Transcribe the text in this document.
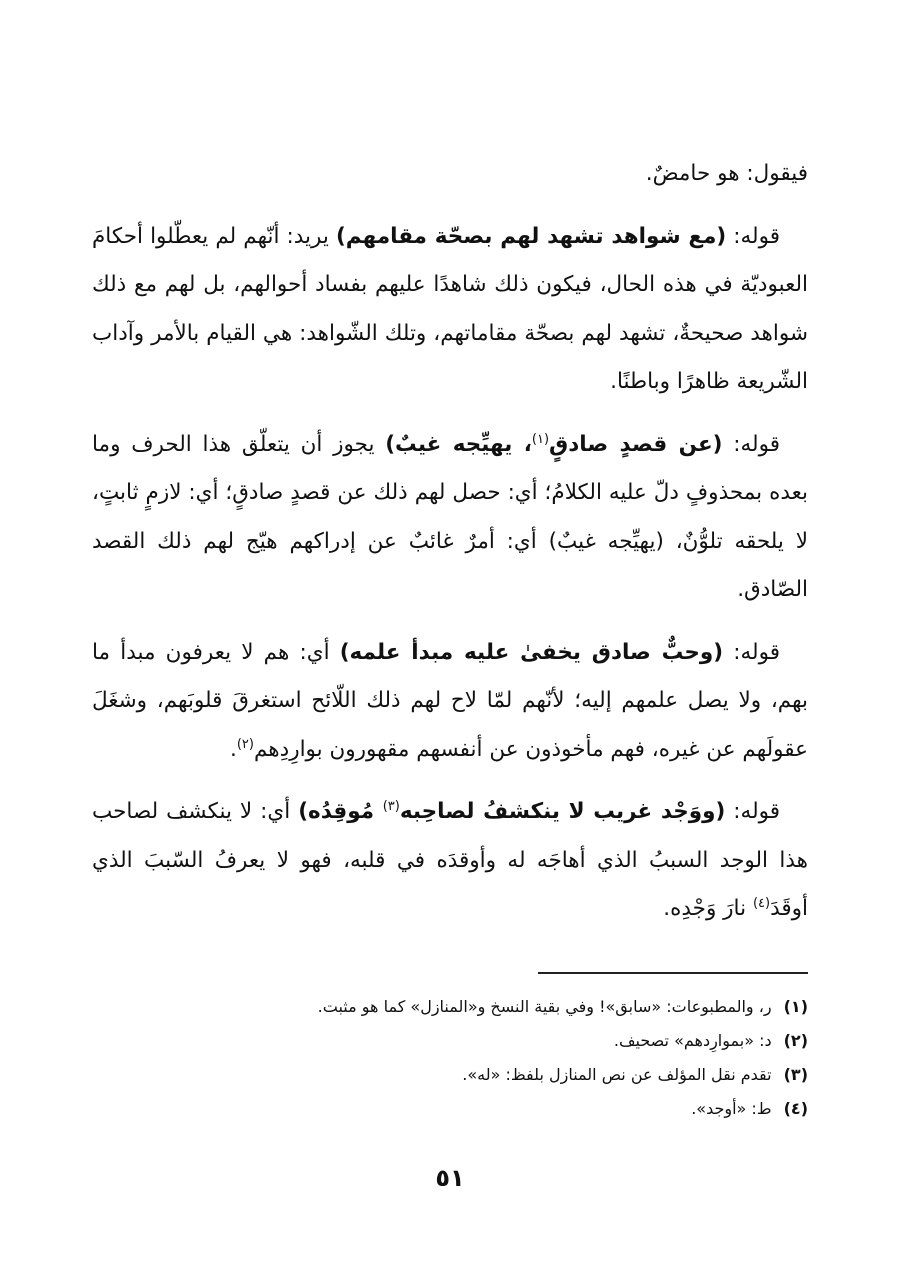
فيقول: هو حامضٌ.

قوله: (مع شواهد تشهد لهم بصحّة مقامهم) يريد: أنّهم لم يعطّلوا أحكامَ العبوديّة في هذه الحال، فيكون ذلك شاهدًا عليهم بفساد أحوالهم، بل لهم مع ذلك شواهد صحيحةٌ، تشهد لهم بصحّة مقاماتهم، وتلك الشّواهد: هي القيام بالأمر وآداب الشّريعة ظاهرًا وباطنًا.

قوله: (عن قصدٍ صادقٍ$^{(١)}$، يهيِّجه غيبٌ) يجوز أن يتعلّق هذا الحرف وما بعده بمحذوفٍ دلّ عليه الكلامُ؛ أي: حصل لهم ذلك عن قصدٍ صادقٍ؛ أي: لازمٍ ثابتٍ، لا يلحقه تلوُّنٌ، (يهيِّجه غيبٌ) أي: أمرٌ غائبٌ عن إدراكهم هيّج لهم ذلك القصد الصّادق.

قوله: (وحبٌّ صادق يخفىٰ عليه مبدأ علمه) أي: هم لا يعرفون مبدأ ما بهم، ولا يصل علمهم إليه؛ لأنّهم لمّا لاح لهم ذلك اللّائح استغرقَ قلوبَهم، وشغَلَ عقولَهم عن غيره، فهم مأخوذون عن أنفسهم مقهورون بوارِدِهم$^{(٢)}$.

قوله: (ووَجْد غريب لا ينكشفُ لصاحِبه$^{(٣)}$ مُوقِدُه) أي: لا ينكشف لصاحب هذا الوجد السببُ الذي أهاجَه له وأوقدَه في قلبه، فهو لا يعرفُ السّببَ الذي أوقَدَ$^{(٤)}$ نارَ وَجْدِه.

(١)
ر، والمطبوعات: «سابق»! وفي بقية النسخ و«المنازل» كما هو مثبت.
(٢)
د: «بموارِدهم» تصحيف.
(٣)
تقدم نقل المؤلف عن نص المنازل بلفظ: «له».
(٤)
ط: «أوجد».
٥١
